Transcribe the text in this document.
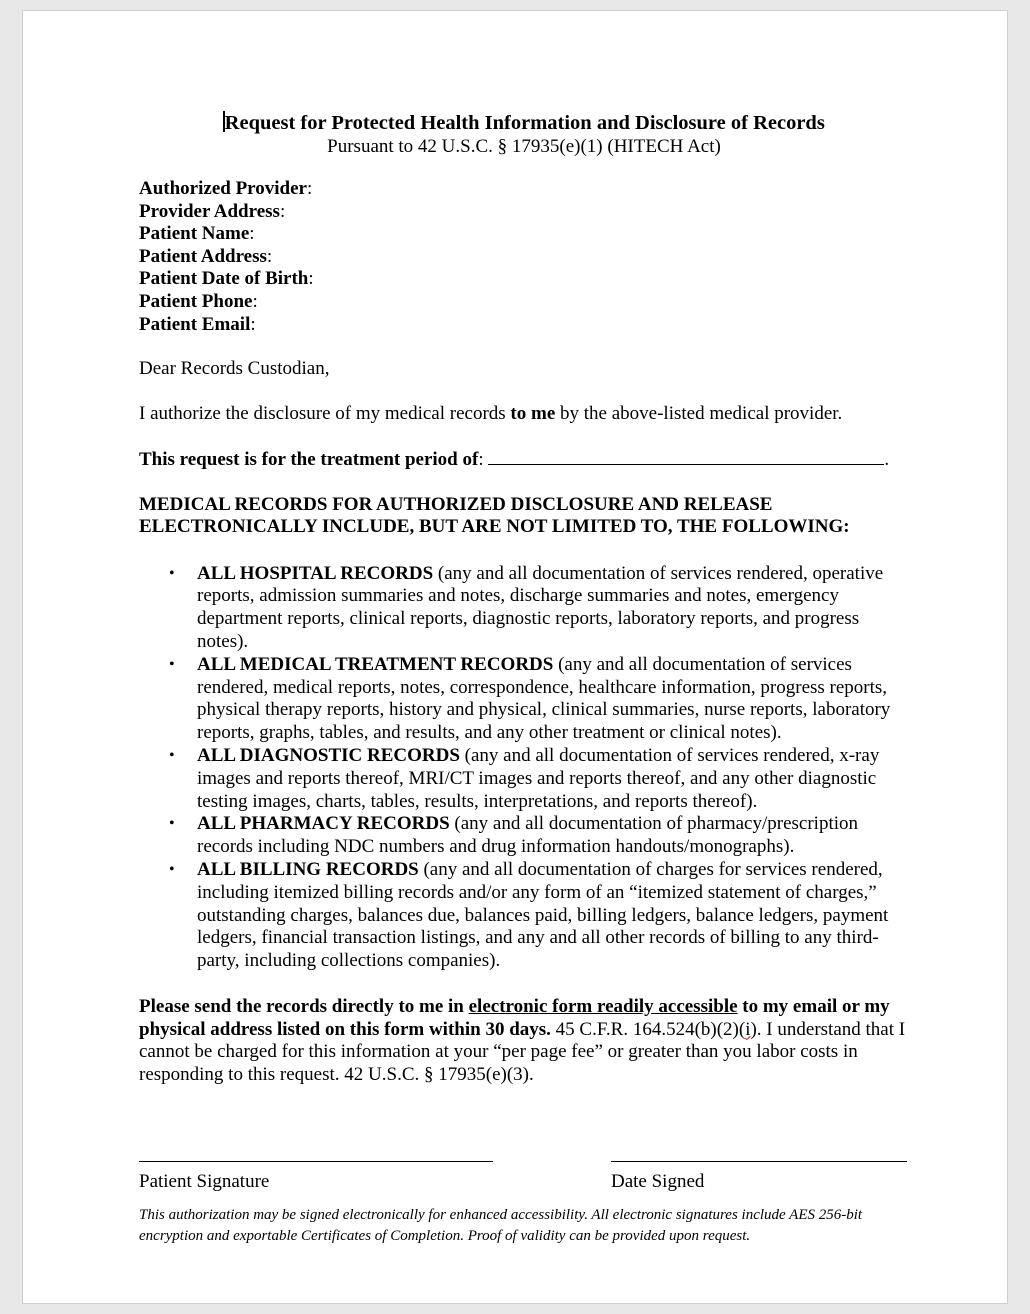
Request for Protected Health Information and Disclosure of Records
Pursuant to 42 U.S.C. § 17935(e)(1) (HITECH Act)
Authorized Provider:
Provider Address:
Patient Name:
Patient Address:
Patient Date of Birth:
Patient Phone:
Patient Email:
Dear Records Custodian,
I authorize the disclosure of my medical records to me by the above-listed medical provider.
This request is for the treatment period of:	.
MEDICAL RECORDS FOR AUTHORIZED DISCLOSURE AND RELEASE ELECTRONICALLY INCLUDE, BUT ARE NOT LIMITED TO, THE FOLLOWING:
• ALL HOSPITAL RECORDS (any and all documentation of services rendered, operative reports, admission summaries and notes, discharge summaries and notes, emergency department reports, clinical reports, diagnostic reports, laboratory reports, and progress notes).
• ALL MEDICAL TREATMENT RECORDS (any and all documentation of services rendered, medical reports, notes, correspondence, healthcare information, progress reports, physical therapy reports, history and physical, clinical summaries, nurse reports, laboratory reports, graphs, tables, and results, and any other treatment or clinical notes).
• ALL DIAGNOSTIC RECORDS (any and all documentation of services rendered, x-ray images and reports thereof, MRI/CT images and reports thereof, and any other diagnostic testing images, charts, tables, results, interpretations, and reports thereof).
• ALL PHARMACY RECORDS (any and all documentation of pharmacy/prescription records including NDC numbers and drug information handouts/monographs).
• ALL BILLING RECORDS (any and all documentation of charges for services rendered, including itemized billing records and/or any form of an “itemized statement of charges,” outstanding charges, balances due, balances paid, billing ledgers, balance ledgers, payment ledgers, financial transaction listings, and any and all other records of billing to any third-party, including collections companies).
Please send the records directly to me in electronic form readily accessible to my email or my physical address listed on this form within 30 days. 45 C.F.R. 164.524(b)(2)(i). I understand that I cannot be charged for this information at your “per page fee” or greater than you labor costs in responding to this request. 42 U.S.C. § 17935(e)(3).
Patient Signature	Date Signed
This authorization may be signed electronically for enhanced accessibility. All electronic signatures include AES 256-bit encryption and exportable Certificates of Completion. Proof of validity can be provided upon request.
